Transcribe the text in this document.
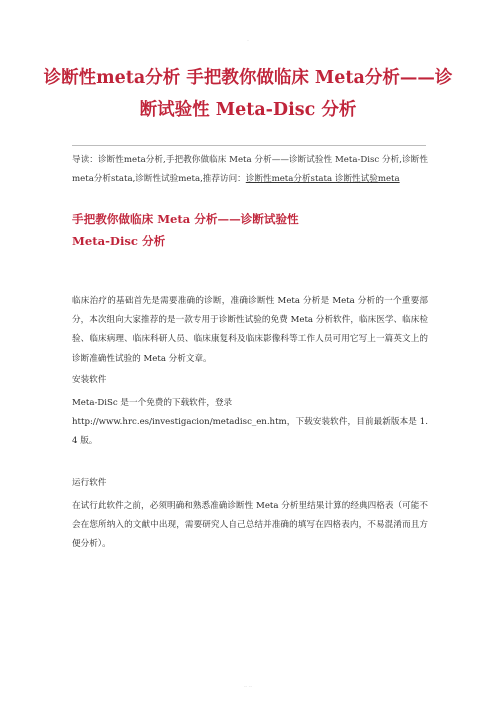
-
诊断性meta分析 手把教你做临床 Meta分析——诊断试验性 Meta-Disc 分析

导读：诊断性meta分析,手把教你做临床 Meta 分析——诊断试验性 Meta-Disc 分析,诊断性meta分析stata,诊断性试验meta,推荐访问：诊断性meta分析stata 诊断性试验meta

手把教你做临床 Meta 分析——诊断试验性
Meta-Disc 分析

临床治疗的基础首先是需要准确的诊断，准确诊断性 Meta 分析是 Meta 分析的一个重要部分，本次组向大家推荐的是一款专用于诊断性试验的免费 Meta 分析软件，临床医学、临床检验、临床病理、临床科研人员、临床康复科及临床影像科等工作人员可用它写上一篇英文上的诊断准确性试验的 Meta 分析文章。

安装软件

Meta-DiSc 是一个免费的下载软件，登录
http://www.hrc.es/investigacion/metadisc_en.htm，下载安装软件，目前最新版本是 1.4 版。

运行软件

在试行此软件之前，必须明确和熟悉准确诊断性 Meta 分析里结果计算的经典四格表（可能不会在您所纳入的文献中出现，需要研究人自己总结并准确的填写在四格表内，不易混淆而且方便分析）。

-- --
